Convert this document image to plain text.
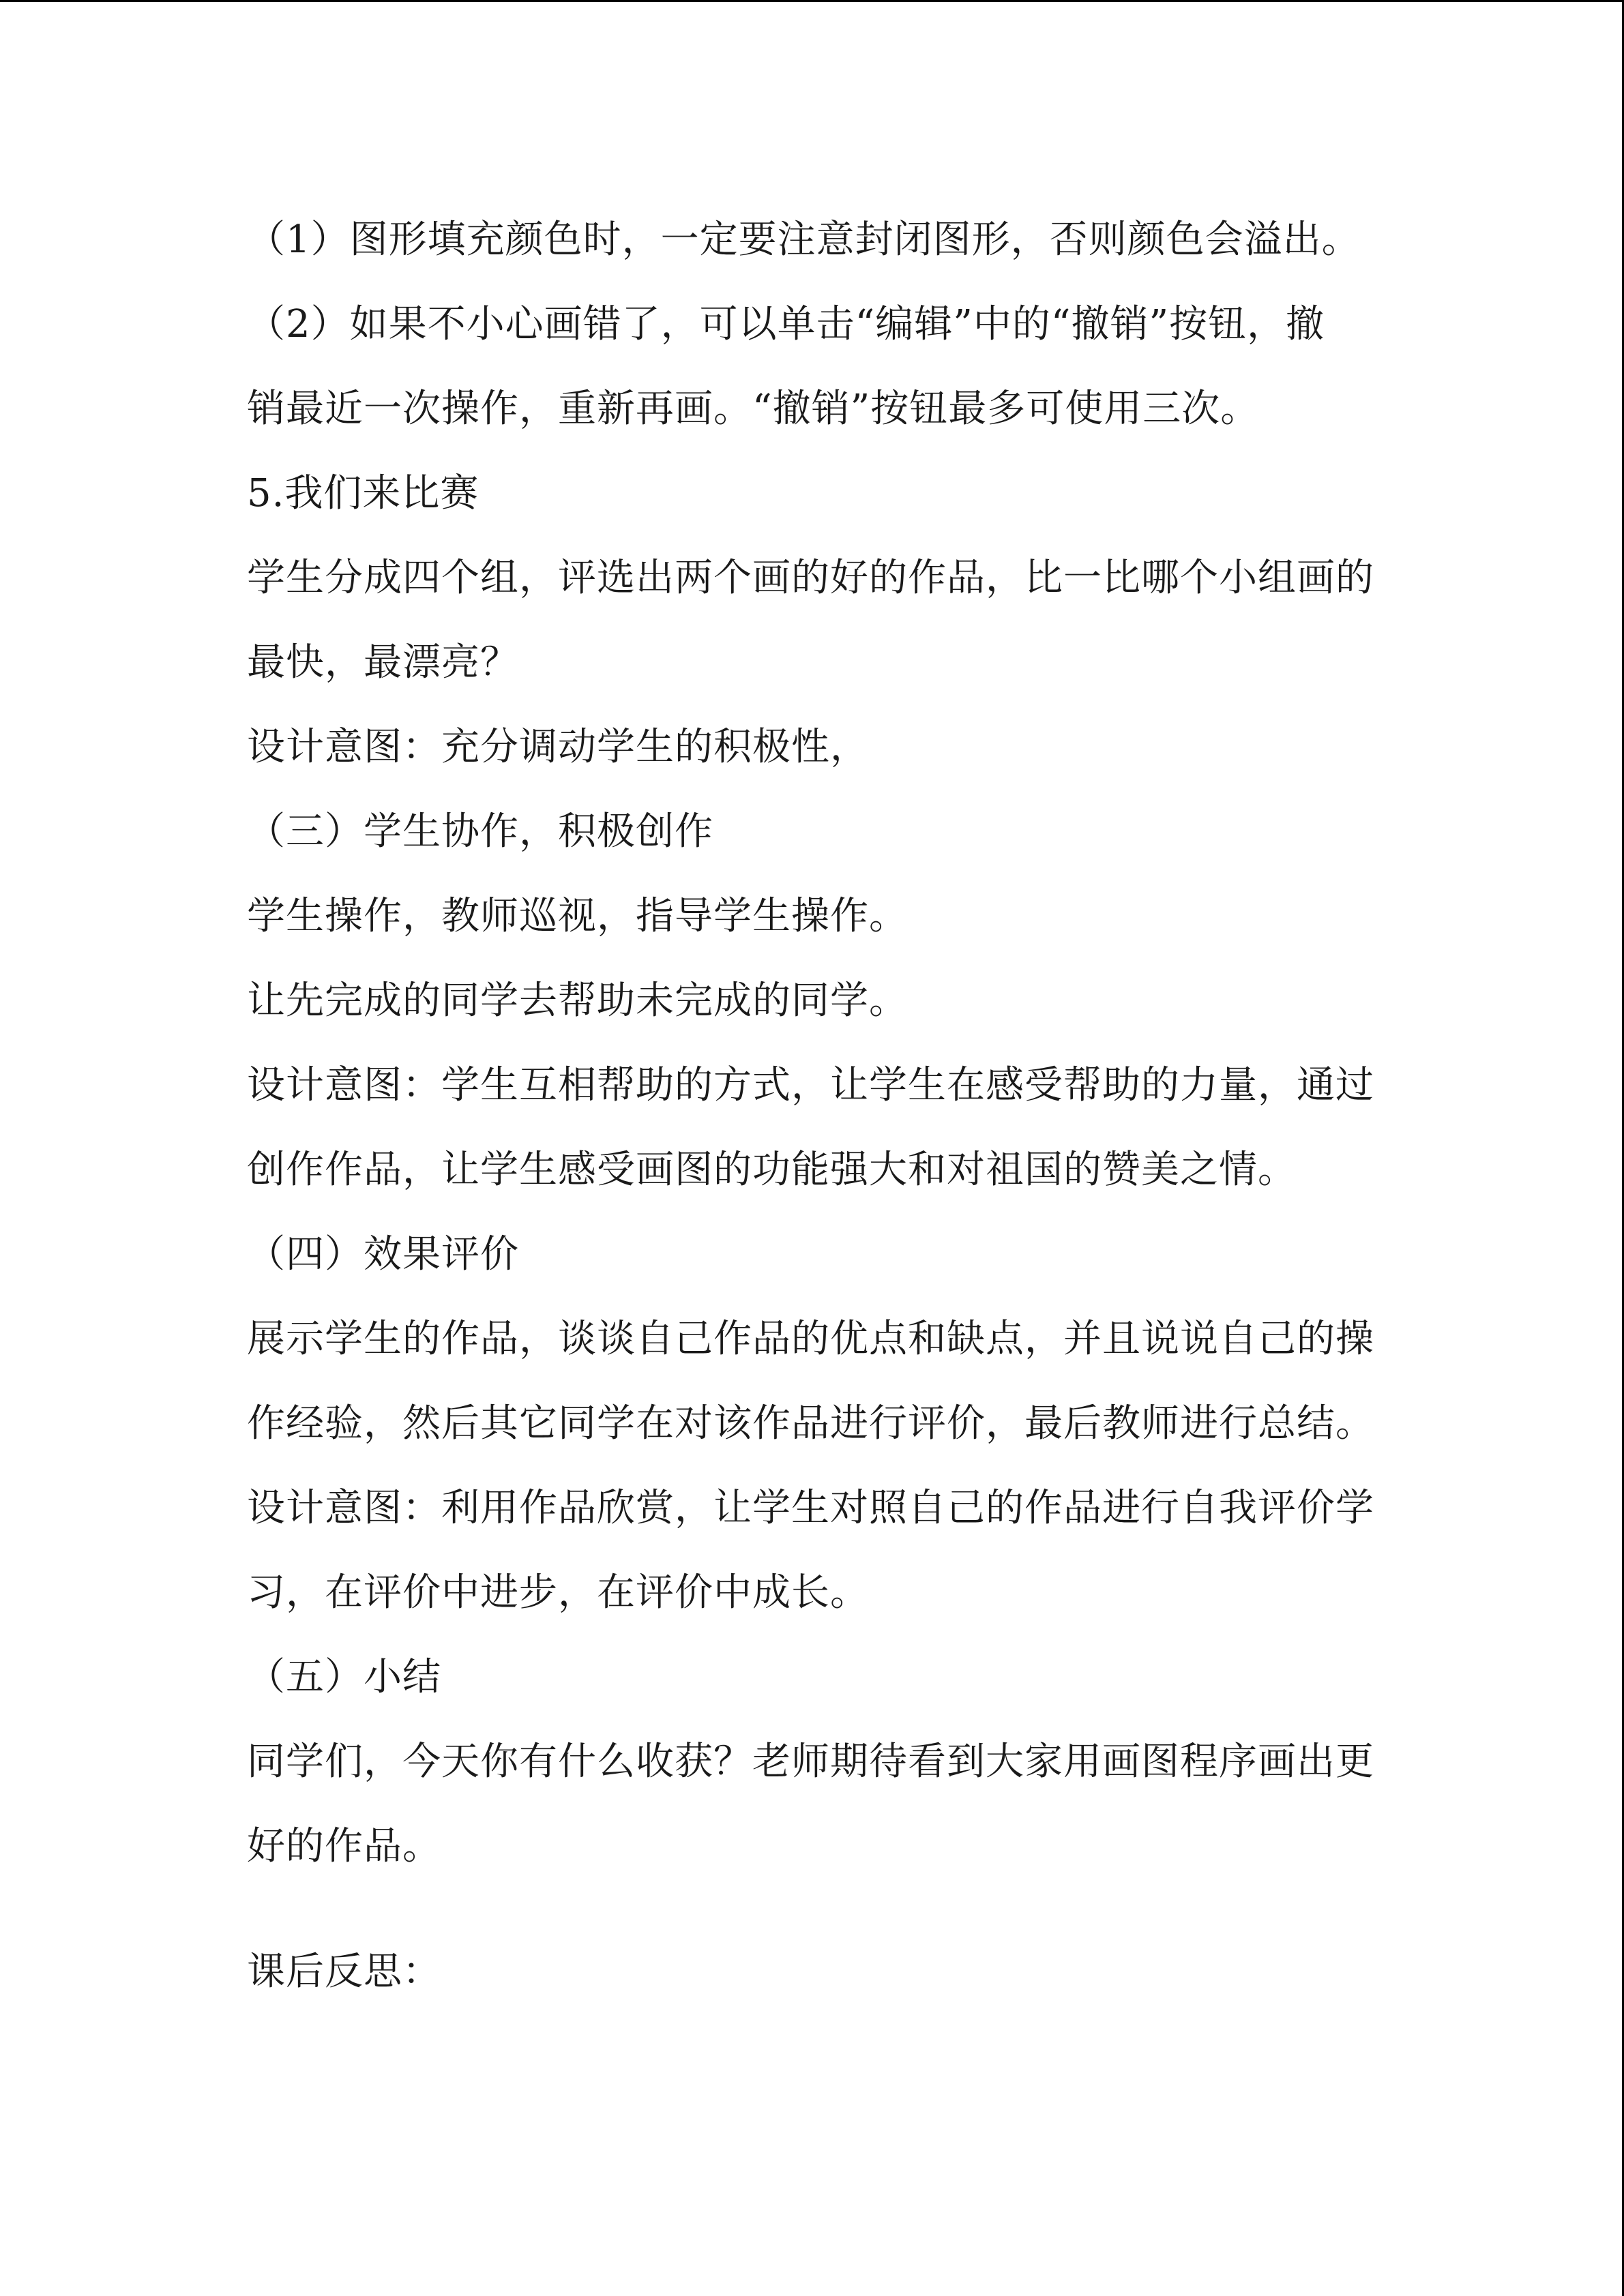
（1）图形填充颜色时，一定要注意封闭图形，否则颜色会溢出。
（2）如果不小心画错了，可以单击“编辑”中的“撤销”按钮，撤
销最近一次操作，重新再画。“撤销”按钮最多可使用三次。
5.我们来比赛
学生分成四个组，评选出两个画的好的作品，比一比哪个小组画的
最快，最漂亮？
设计意图：充分调动学生的积极性，
（三）学生协作，积极创作
学生操作，教师巡视，指导学生操作。
让先完成的同学去帮助未完成的同学。
设计意图：学生互相帮助的方式，让学生在感受帮助的力量，通过
创作作品，让学生感受画图的功能强大和对祖国的赞美之情。
（四）效果评价
展示学生的作品，谈谈自己作品的优点和缺点，并且说说自己的操
作经验，然后其它同学在对该作品进行评价，最后教师进行总结。
设计意图：利用作品欣赏，让学生对照自己的作品进行自我评价学
习，在评价中进步，在评价中成长。
（五）小结
同学们，今天你有什么收获？老师期待看到大家用画图程序画出更
好的作品。
课后反思：
